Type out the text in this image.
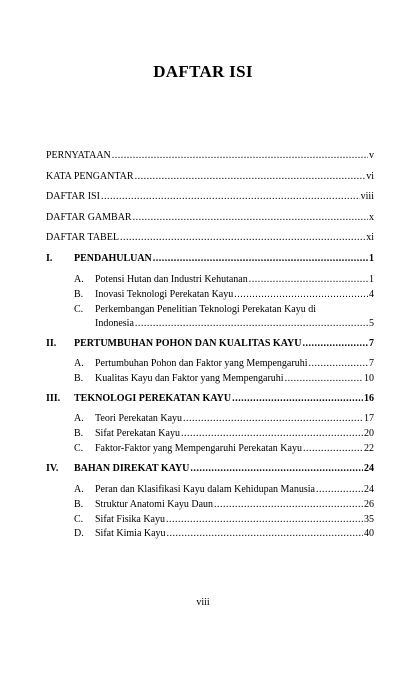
DAFTAR ISI
PERNYATAAN .....	v
KATA PENGANTAR .....	vi
DAFTAR ISI .....	viii
DAFTAR GAMBAR .....	x
DAFTAR TABEL .....	xi
I.	PENDAHULUAN .....	1
A.	Potensi Hutan dan Industri Kehutanan .....	1
B.	Inovasi Teknologi Perekatan Kayu .....	4
C.	Perkembangan Penelitian Teknologi Perekatan Kayu di
Indonesia .....	5
II.	PERTUMBUHAN POHON DAN KUALITAS KAYU .....	7
A.	Pertumbuhan Pohon dan Faktor yang Mempengaruhi .....	7
B.	Kualitas Kayu dan Faktor yang Mempengaruhi .....	10
III.	TEKNOLOGI PEREKATAN KAYU .....	16
A.	Teori Perekatan Kayu .....	17
B.	Sifat Perekatan Kayu .....	20
C.	Faktor-Faktor yang Mempengaruhi Perekatan Kayu .....	22
IV.	BAHAN DIREKAT KAYU .....	24
A.	Peran dan Klasifikasi Kayu dalam Kehidupan Manusia .....	24
B.	Struktur Anatomi Kayu Daun .....	26
C.	Sifat Fisika Kayu .....	35
D.	Sifat Kimia Kayu .....	40
viii
